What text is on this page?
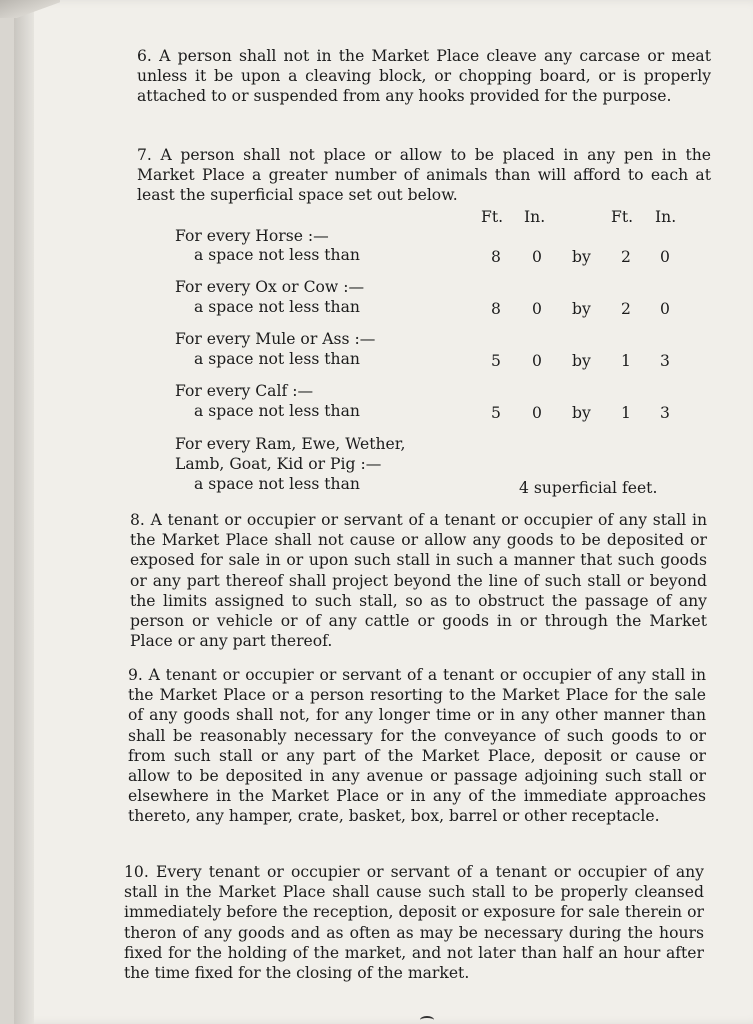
6. A person shall not in the Market Place cleave any carcase or meat unless it be upon a cleaving block, or chopping board, or is properly attached to or suspended from any hooks provided for the purpose.
7. A person shall not place or allow to be placed in any pen in the Market Place a greater number of animals than will afford to each at least the superficial space set out below.
Ft. In.	Ft. In.
For every Horse :—
a space not less than	8 0 by 2 0
For every Ox or Cow :—
a space not less than	8 0 by 2 0
For every Mule or Ass :—
a space not less than	5 0 by 1 3
For every Calf :—
a space not less than	5 0 by 1 3
For every Ram, Ewe, Wether,
Lamb, Goat, Kid or Pig :—
a space not less than	4 superficial feet.
8. A tenant or occupier or servant of a tenant or occupier of any stall in the Market Place shall not cause or allow any goods to be deposited or exposed for sale in or upon such stall in such a manner that such goods or any part thereof shall project beyond the line of such stall or beyond the limits assigned to such stall, so as to obstruct the passage of any person or vehicle or of any cattle or goods in or through the Market Place or any part thereof.
9. A tenant or occupier or servant of a tenant or occupier of any stall in the Market Place or a person resorting to the Market Place for the sale of any goods shall not, for any longer time or in any other manner than shall be reasonably necessary for the conveyance of such goods to or from such stall or any part of the Market Place, deposit or cause or allow to be deposited in any avenue or passage adjoining such stall or elsewhere in the Market Place or in any of the immediate approaches thereto, any hamper, crate, basket, box, barrel or other receptacle.
10. Every tenant or occupier or servant of a tenant or occupier of any stall in the Market Place shall cause such stall to be properly cleansed immediately before the reception, deposit or exposure for sale therein or theron of any goods and as often as may be necessary during the hours fixed for the holding of the market, and not later than half an hour after the time fixed for the closing of the market.
